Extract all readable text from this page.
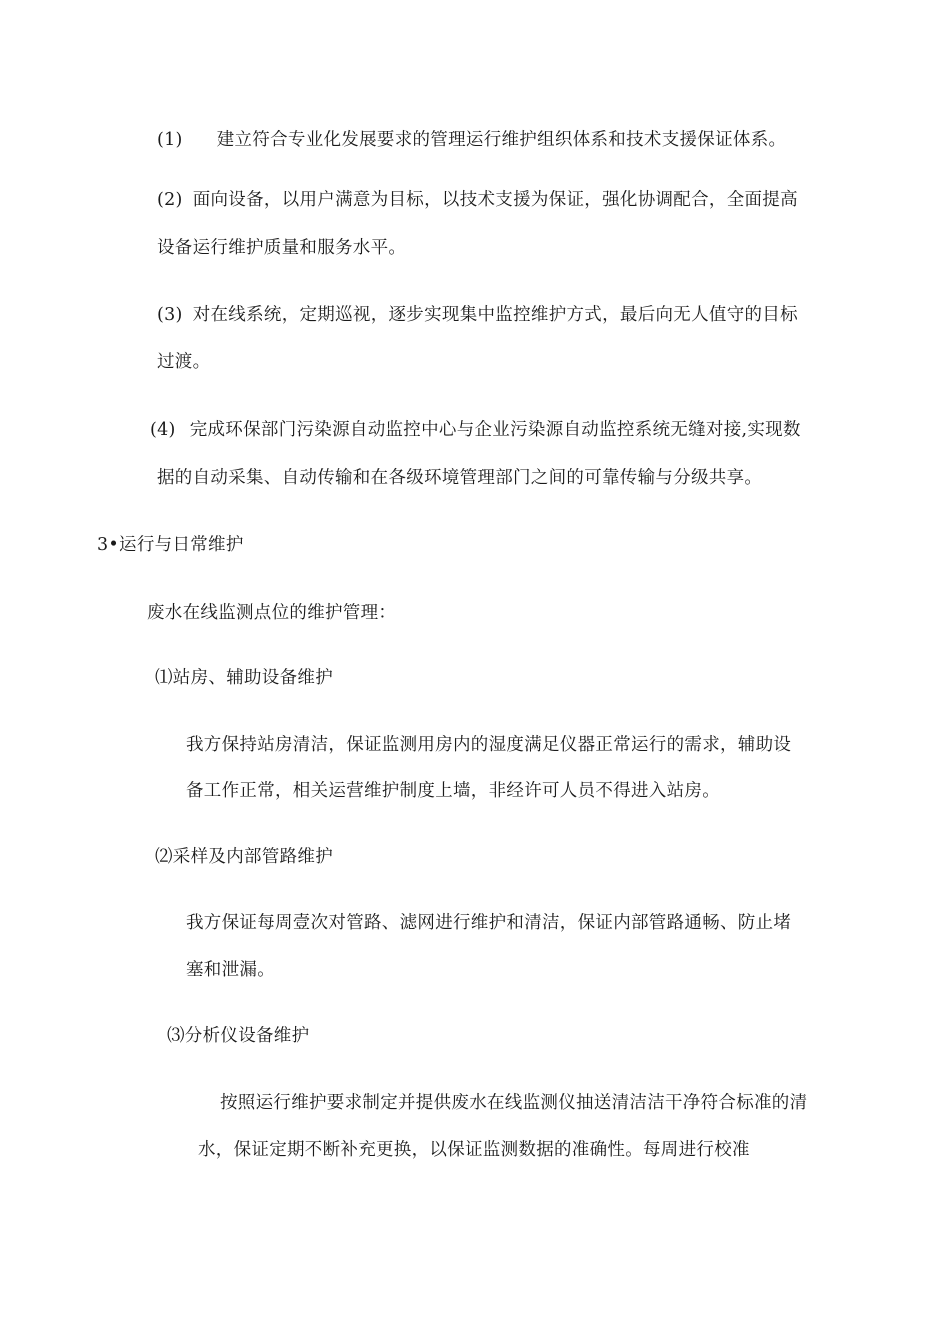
(1) 建立符合专业化发展要求的管理运行维护组织体系和技术支援保证体系。
(2) 面向设备，以用户满意为目标，以技术支援为保证，强化协调配合，全面提高
设备运行维护质量和服务水平。
(3) 对在线系统，定期巡视，逐步实现集中监控维护方式，最后向无人值守的目标
过渡。
(4) 完成环保部门污染源自动监控中心与企业污染源自动监控系统无缝对接,实现数
据的自动采集、自动传输和在各级环境管理部门之间的可靠传输与分级共享。
3•运行与日常维护
废水在线监测点位的维护管理：
⑴站房、辅助设备维护
我方保持站房清洁，保证监测用房内的湿度满足仪器正常运行的需求，辅助设
备工作正常，相关运营维护制度上墙，非经许可人员不得进入站房。
⑵采样及内部管路维护
我方保证每周壹次对管路、滤网进行维护和清洁，保证内部管路通畅、防止堵
塞和泄漏。
⑶分析仪设备维护
按照运行维护要求制定并提供废水在线监测仪抽送清洁洁干净符合标准的清
水，保证定期不断补充更换，以保证监测数据的准确性。每周进行校准
